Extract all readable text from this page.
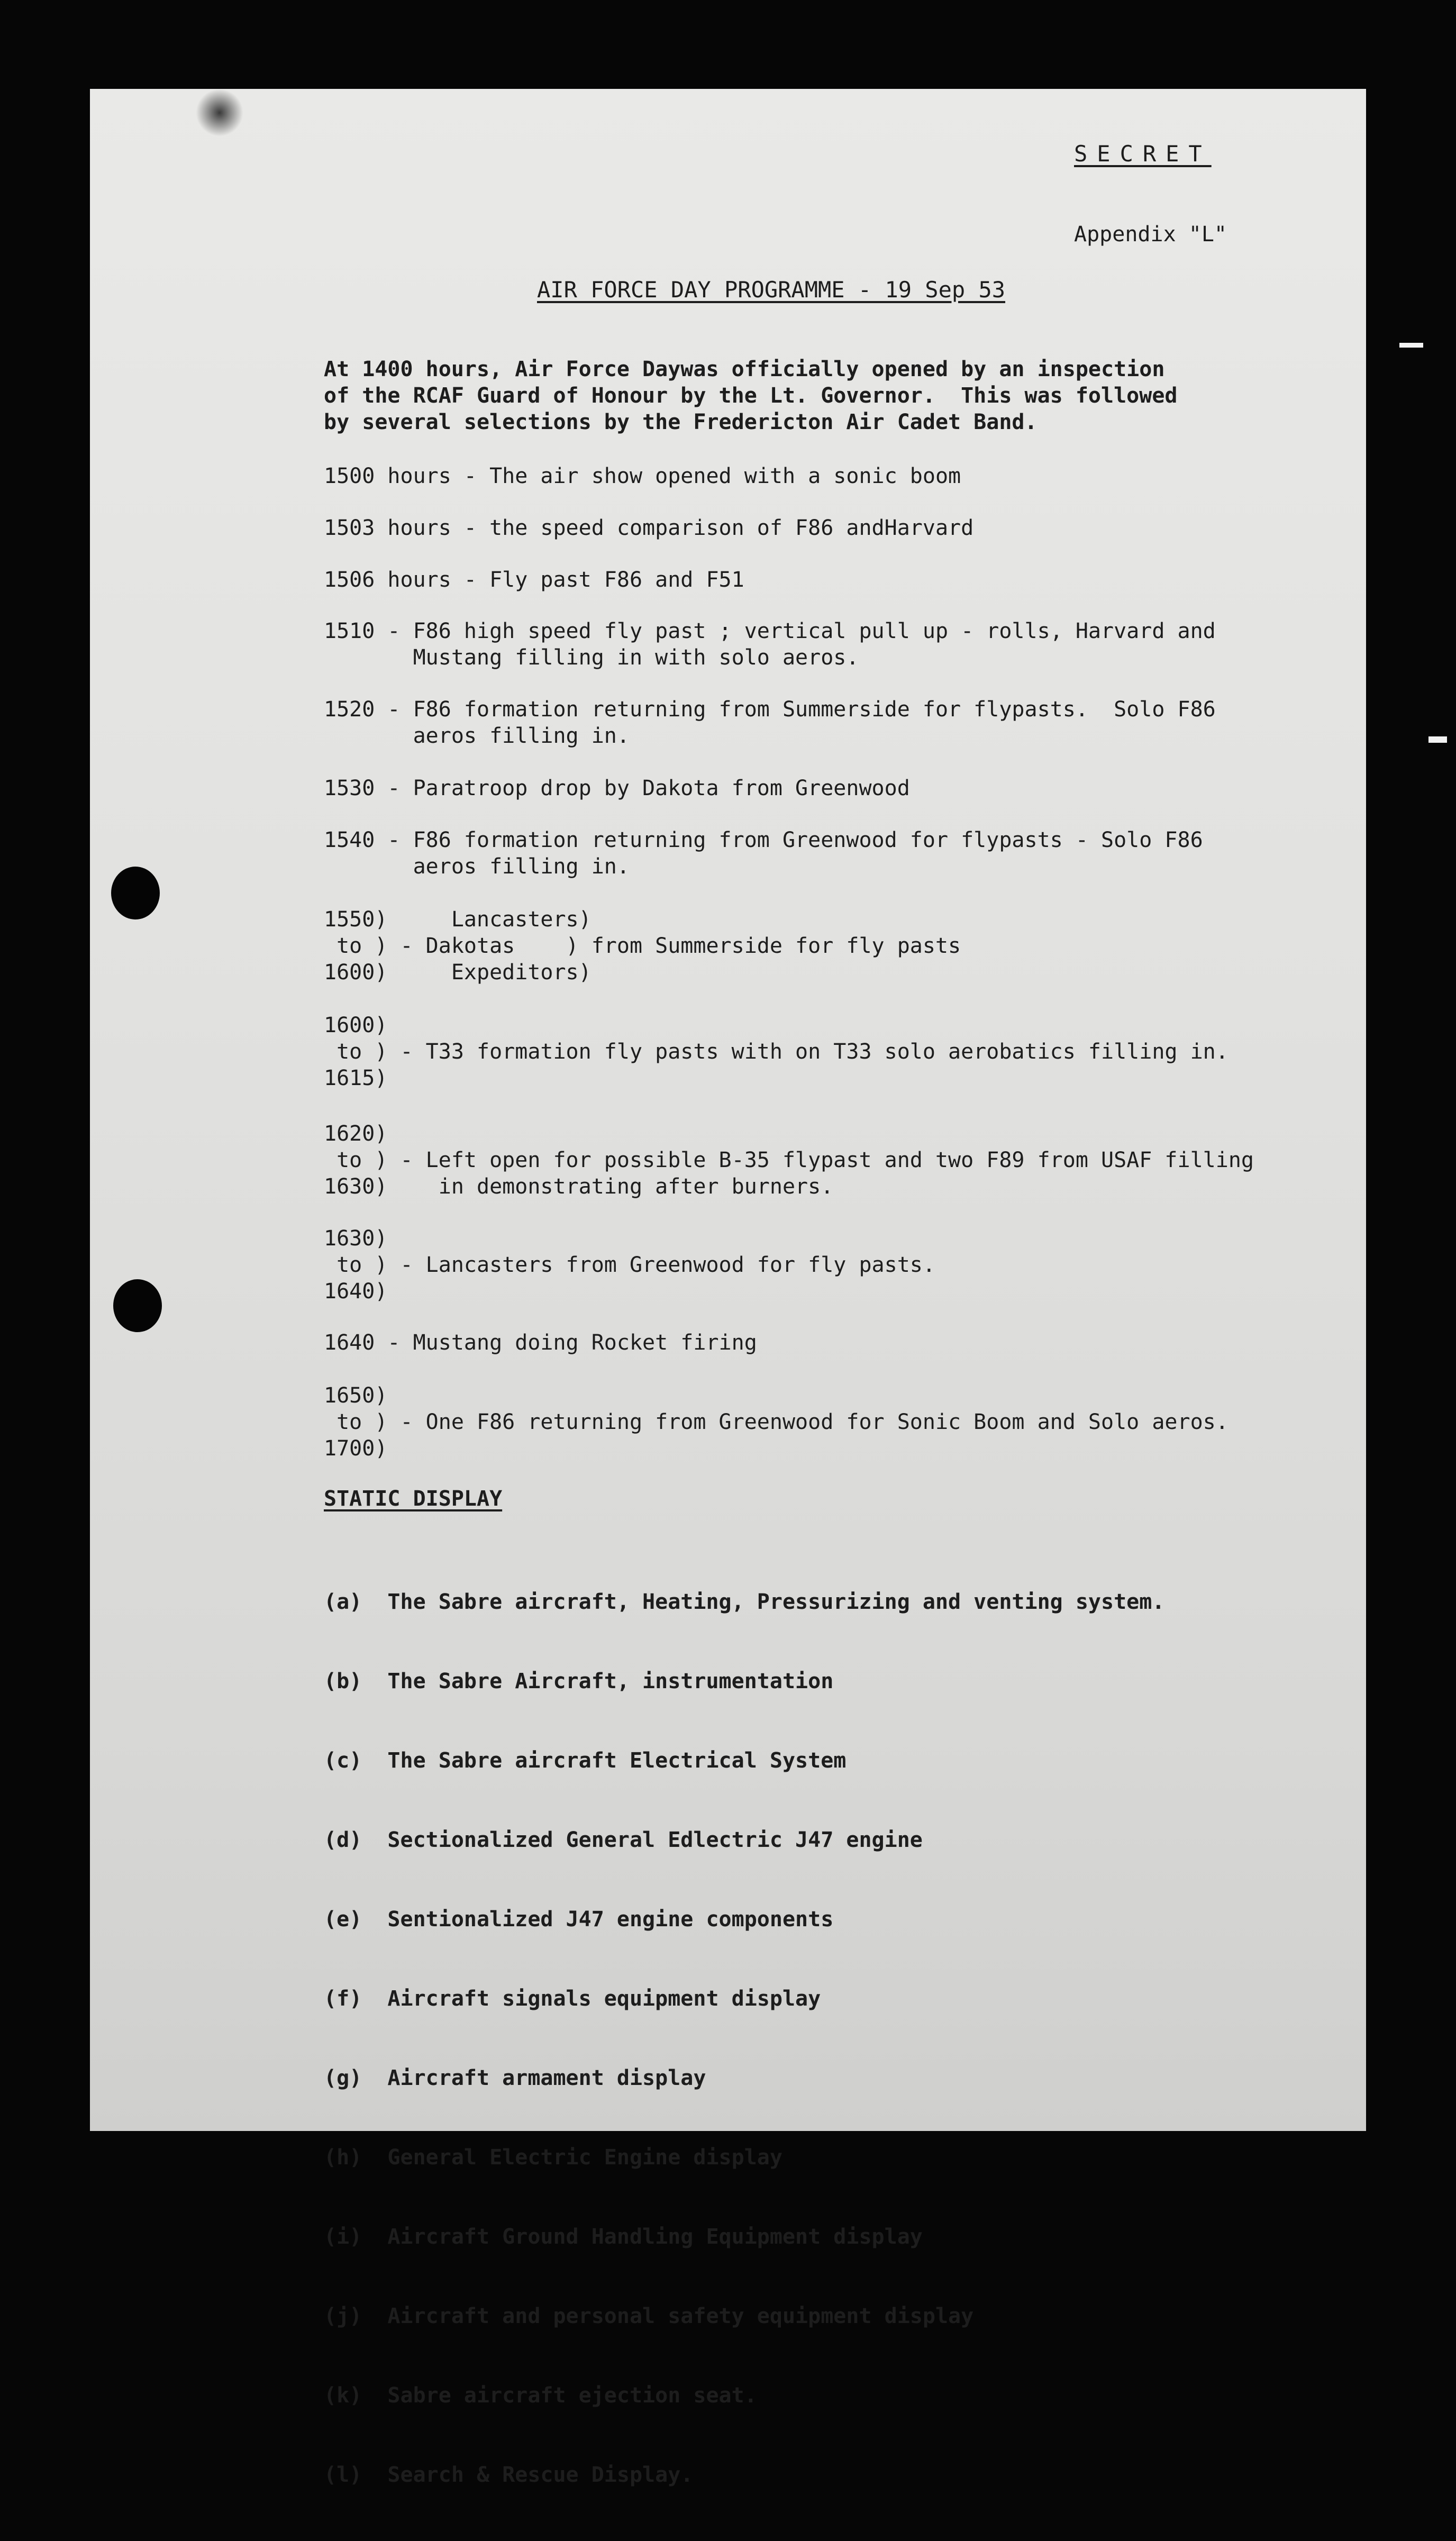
SECRET
Appendix "L"
AIR FORCE DAY PROGRAMME - 19 Sep 53
At 1400 hours, Air Force Daywas officially opened by an inspection
of the RCAF Guard of Honour by the Lt. Governor.  This was followed
by several selections by the Fredericton Air Cadet Band.
1500 hours - The air show opened with a sonic boom
1503 hours - the speed comparison of F86 andHarvard
1506 hours - Fly past F86 and F51
1510 - F86 high speed fly past ; vertical pull up - rolls, Harvard and
Mustang filling in with solo aeros.
1520 - F86 formation returning from Summerside for flypasts.  Solo F86
aeros filling in.
1530 - Paratroop drop by Dakota from Greenwood
1540 - F86 formation returning from Greenwood for flypasts - Solo F86
aeros filling in.
1550)     Lancasters)
to ) - Dakotas    ) from Summerside for fly pasts
1600)     Expeditors)
1600)
to ) - T33 formation fly pasts with on T33 solo aerobatics filling in.
1615)
1620)
to ) - Left open for possible B-35 flypast and two F89 from USAF filling
1630)    in demonstrating after burners.
1630)
to ) - Lancasters from Greenwood for fly pasts.
1640)
1640 - Mustang doing Rocket firing
1650)
to ) - One F86 returning from Greenwood for Sonic Boom and Solo aeros.
1700)
STATIC DISPLAY

(a)  The Sabre aircraft, Heating, Pressurizing and venting system.

(b)  The Sabre Aircraft, instrumentation

(c)  The Sabre aircraft Electrical System

(d)  Sectionalized General Edlectric J47 engine

(e)  Sentionalized J47 engine components

(f)  Aircraft signals equipment display

(g)  Aircraft armament display

(h)  General Electric Engine display

(i)  Aircraft Ground Handling Equipment display

(j)  Aircraft and personal safety equipment display

(k)  Sabre aircraft ejection seat.

(l)  Search & Rescue Display.
